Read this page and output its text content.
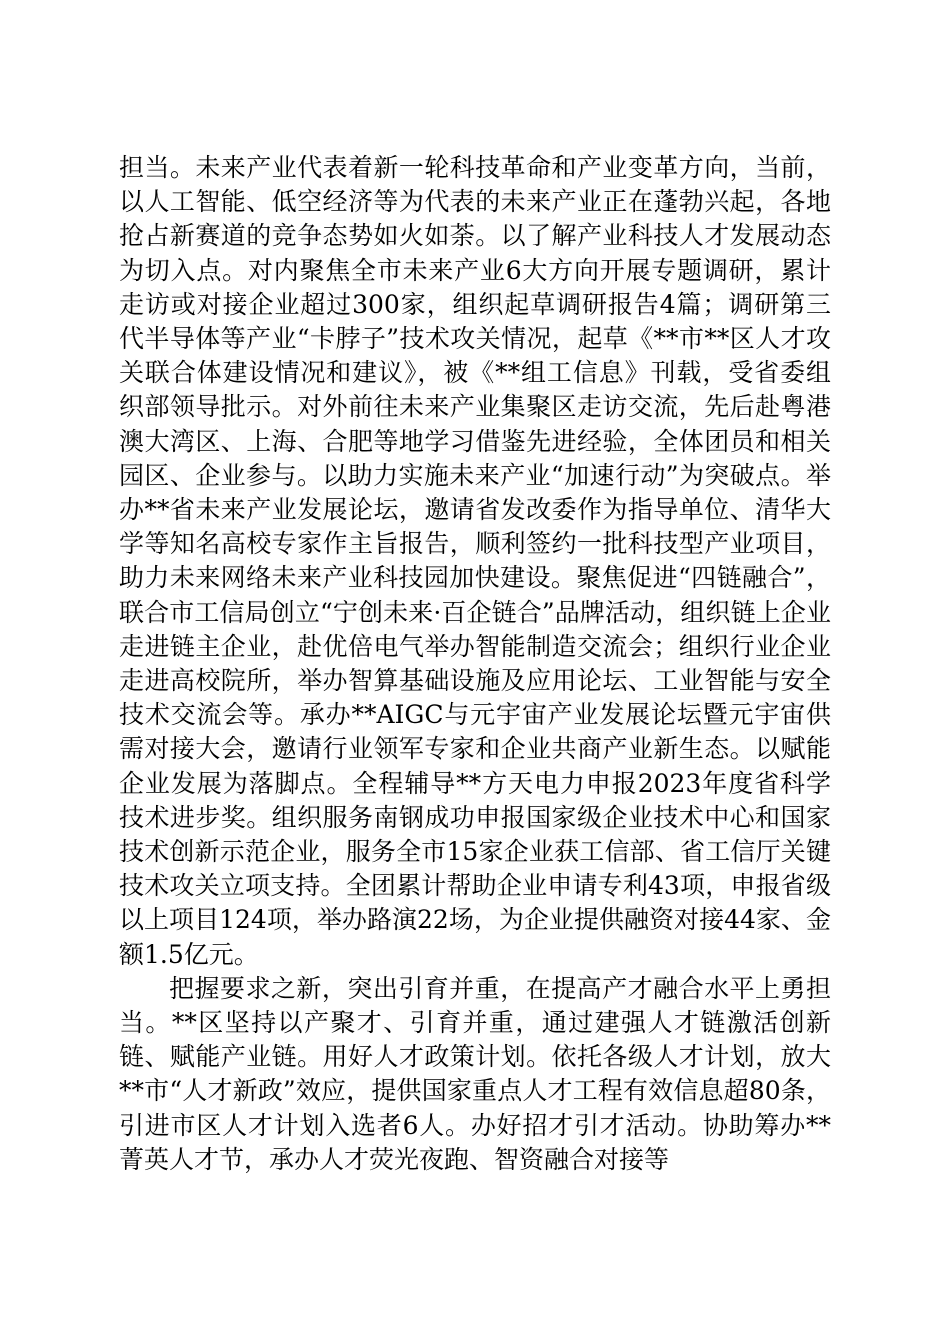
担当。未来产业代表着新一轮科技革命和产业变革方向，当前，以人工智能、低空经济等为代表的未来产业正在蓬勃兴起，各地抢占新赛道的竞争态势如火如荼。以了解产业科技人才发展动态为切入点。对内聚焦全市未来产业6大方向开展专题调研，累计走访或对接企业超过300家，组织起草调研报告4篇；调研第三代半导体等产业“卡脖子”技术攻关情况，起草《**市**区人才攻关联合体建设情况和建议》，被《**组工信息》刊载，受省委组织部领导批示。对外前往未来产业集聚区走访交流，先后赴粤港澳大湾区、上海、合肥等地学习借鉴先进经验，全体团员和相关园区、企业参与。以助力实施未来产业“加速行动”为突破点。举办**省未来产业发展论坛，邀请省发改委作为指导单位、清华大学等知名高校专家作主旨报告，顺利签约一批科技型产业项目，助力未来网络未来产业科技园加快建设。聚焦促进“四链融合”，联合市工信局创立“宁创未来·百企链合”品牌活动，组织链上企业走进链主企业，赴优倍电气举办智能制造交流会；组织行业企业走进高校院所，举办智算基础设施及应用论坛、工业智能与安全技术交流会等。承办**AIGC与元宇宙产业发展论坛暨元宇宙供需对接大会，邀请行业领军专家和企业共商产业新生态。以赋能企业发展为落脚点。全程辅导**方天电力申报2023年度省科学技术进步奖。组织服务南钢成功申报国家级企业技术中心和国家技术创新示范企业，服务全市15家企业获工信部、省工信厅关键技术攻关立项支持。全团累计帮助企业申请专利43项，申报省级以上项目124项，举办路演22场，为企业提供融资对接44家、金额1.5亿元。

把握要求之新，突出引育并重，在提高产才融合水平上勇担当。**区坚持以产聚才、引育并重，通过建强人才链激活创新链、赋能产业链。用好人才政策计划。依托各级人才计划，放大**市“人才新政”效应，提供国家重点人才工程有效信息超80条，引进市区人才计划入选者6人。办好招才引才活动。协助筹办**菁英人才节，承办人才荧光夜跑、智资融合对接等
